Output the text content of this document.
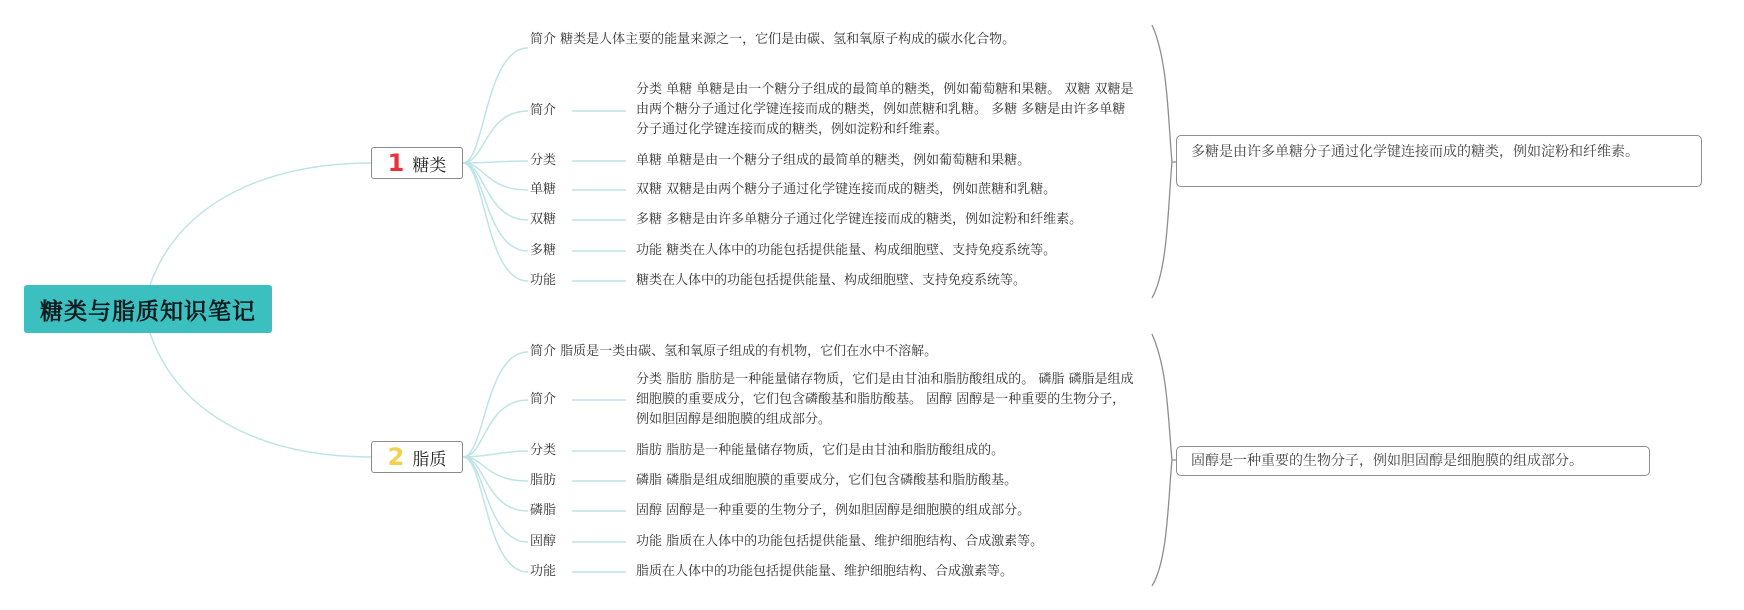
糖类与脂质知识笔记
1 糖类
简介 糖类是人体主要的能量来源之一，它们是由碳、氢和氧原子构成的碳水化合物。
简介
分类 单糖 单糖是由一个糖分子组成的最简单的糖类，例如葡萄糖和果糖。 双糖 双糖是由两个糖分子通过化学键连接而成的糖类，例如蔗糖和乳糖。 多糖 多糖是由许多单糖分子通过化学键连接而成的糖类，例如淀粉和纤维素。
分类	单糖 单糖是由一个糖分子组成的最简单的糖类，例如葡萄糖和果糖。
单糖	双糖 双糖是由两个糖分子通过化学键连接而成的糖类，例如蔗糖和乳糖。
双糖	多糖 多糖是由许多单糖分子通过化学键连接而成的糖类，例如淀粉和纤维素。
多糖	功能 糖类在人体中的功能包括提供能量、构成细胞壁、支持免疫系统等。
功能	糖类在人体中的功能包括提供能量、构成细胞壁、支持免疫系统等。
多糖是由许多单糖分子通过化学键连接而成的糖类，例如淀粉和纤维素。
2 脂质
简介 脂质是一类由碳、氢和氧原子组成的有机物，它们在水中不溶解。
简介
分类 脂肪 脂肪是一种能量储存物质，它们是由甘油和脂肪酸组成的。 磷脂 磷脂是组成细胞膜的重要成分，它们包含磷酸基和脂肪酸基。 固醇 固醇是一种重要的生物分子，例如胆固醇是细胞膜的组成部分。
分类	脂肪 脂肪是一种能量储存物质，它们是由甘油和脂肪酸组成的。
脂肪	磷脂 磷脂是组成细胞膜的重要成分，它们包含磷酸基和脂肪酸基。
磷脂	固醇 固醇是一种重要的生物分子，例如胆固醇是细胞膜的组成部分。
固醇	功能 脂质在人体中的功能包括提供能量、维护细胞结构、合成激素等。
功能	脂质在人体中的功能包括提供能量、维护细胞结构、合成激素等。
固醇是一种重要的生物分子，例如胆固醇是细胞膜的组成部分。
